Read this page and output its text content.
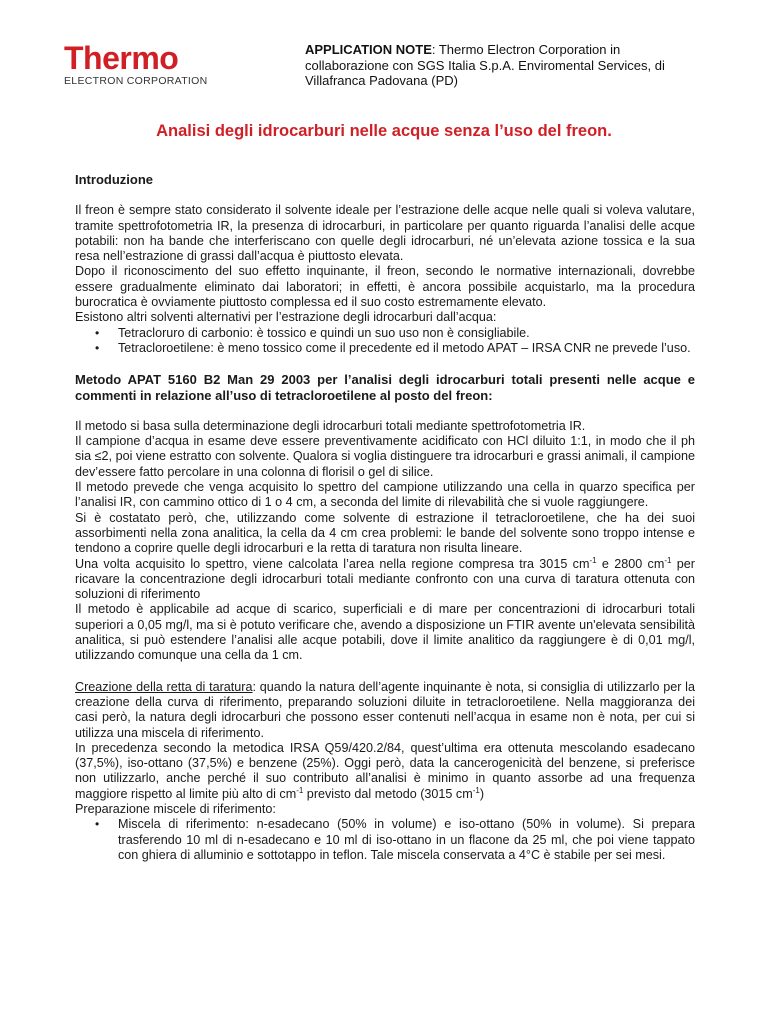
Thermo
ELECTRON CORPORATION
APPLICATION NOTE: Thermo Electron Corporation in collaborazione con SGS Italia S.p.A. Enviromental Services, di Villafranca Padovana (PD)
Analisi degli idrocarburi nelle acque senza l’uso del freon.

Introduzione

Il freon è sempre stato considerato il solvente ideale per l’estrazione delle acque nelle quali si voleva valutare, tramite spettrofotometria IR, la presenza di idrocarburi, in particolare per quanto riguarda l’analisi delle acque potabili: non ha bande che interferiscano con quelle degli idrocarburi, né un’elevata azione tossica e la sua resa nell’estrazione di grassi dall’acqua è piuttosto elevata.

Dopo il riconoscimento del suo effetto inquinante, il freon, secondo le normative internazionali, dovrebbe essere gradualmente eliminato dai laboratori; in effetti, è ancora possibile acquistarlo, ma la procedura burocratica è ovviamente piuttosto complessa ed il suo costo estremamente elevato.

Esistono altri solventi alternativi per l’estrazione degli idrocarburi dall’acqua:

• Tetracloruro di carbonio: è tossico e quindi un suo uso non è consigliabile.
• Tetracloroetilene: è meno tossico come il precedente ed il metodo APAT – IRSA CNR ne prevede l’uso.

Metodo APAT 5160 B2 Man 29 2003 per l’analisi degli idrocarburi totali presenti nelle acque e commenti in relazione all’uso di tetracloroetilene al posto del freon:

Il metodo si basa sulla determinazione degli idrocarburi totali mediante spettrofotometria IR.

Il campione d’acqua in esame deve essere preventivamente acidificato con HCl diluito 1:1, in modo che il ph sia ≤2, poi viene estratto con solvente. Qualora si voglia distinguere tra idrocarburi e grassi animali, il campione dev’essere fatto percolare in una colonna di florisil o gel di silice.

Il metodo prevede che venga acquisito lo spettro del campione utilizzando una cella in quarzo specifica per l’analisi IR, con cammino ottico di 1 o 4 cm, a seconda del limite di rilevabilità che si vuole raggiungere.

Si è costatato però, che, utilizzando come solvente di estrazione il tetracloroetilene, che ha dei suoi assorbimenti nella zona analitica, la cella da 4 cm crea problemi: le bande del solvente sono troppo intense e tendono a coprire quelle degli idrocarburi e la retta di taratura non risulta lineare.

Una volta acquisito lo spettro, viene calcolata l’area nella regione compresa tra 3015 $cm^{-1}$ e 2800 $cm^{-1}$ per ricavare la concentrazione degli idrocarburi totali mediante confronto con una curva di taratura ottenuta con soluzioni di riferimento

Il metodo è applicabile ad acque di scarico, superficiali e di mare per concentrazioni di idrocarburi totali superiori a 0,05 mg/l, ma si è potuto verificare che, avendo a disposizione un FTIR avente un'elevata sensibilità analitica, si può estendere l’analisi alle acque potabili, dove il limite analitico da raggiungere è di 0,01 mg/l, utilizzando comunque una cella da 1 cm.

Creazione della retta di taratura: quando la natura dell’agente inquinante è nota, si consiglia di utilizzarlo per la creazione della curva di riferimento, preparando soluzioni diluite in tetracloroetilene. Nella maggioranza dei casi però, la natura degli idrocarburi che possono esser contenuti nell’acqua in esame non è nota, per cui si utilizza una miscela di riferimento.

In precedenza secondo la metodica IRSA Q59/420.2/84, quest’ultima era ottenuta mescolando esadecano (37,5%), iso-ottano (37,5%) e benzene (25%). Oggi però, data la cancerogenicità del benzene, si preferisce non utilizzarlo, anche perché il suo contributo all’analisi è minimo in quanto assorbe ad una frequenza maggiore rispetto al limite più alto di $cm^{-1}$ previsto dal metodo (3015 $cm^{-1}$)

Preparazione miscele di riferimento:

• Miscela di riferimento: n-esadecano (50% in volume) e iso-ottano (50% in volume). Si prepara trasferendo 10 ml di n-esadecano e 10 ml di iso-ottano in un flacone da 25 ml, che poi viene tappato con ghiera di alluminio e sottotappo in teflon. Tale miscela conservata a 4°C è stabile per sei mesi.
